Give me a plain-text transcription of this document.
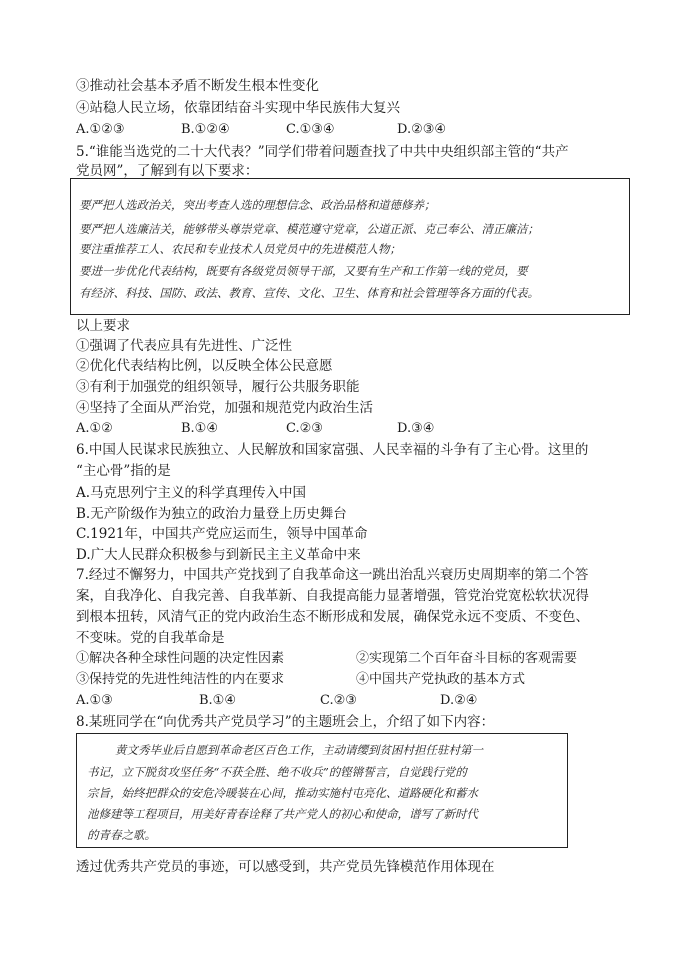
③推动社会基本矛盾不断发生根本性变化
④站稳人民立场，依靠团结奋斗实现中华民族伟大复兴
A.①②③	B.①②④	C.①③④	D.②③④
5.“谁能当选党的二十大代表？”同学们带着问题查找了中共中央组织部主管的“共产
党员网”，了解到有以下要求：
要严把人选政治关，突出考查人选的理想信念、政治品格和道德修养；
要严把人选廉洁关，能够带头尊崇党章、模范遵守党章，公道正派、克己奉公、清正廉洁；
要注重推荐工人、农民和专业技术人员党员中的先进模范人物；
要进一步优化代表结构，既要有各级党员领导干部，又要有生产和工作第一线的党员，要
有经济、科技、国防、政法、教育、宣传、文化、卫生、体育和社会管理等各方面的代表。
以上要求
①强调了代表应具有先进性、广泛性
②优化代表结构比例，以反映全体公民意愿
③有利于加强党的组织领导，履行公共服务职能
④坚持了全面从严治党，加强和规范党内政治生活
A.①②	B.①④	C.②③	D.③④
6.中国人民谋求民族独立、人民解放和国家富强、人民幸福的斗争有了主心骨。这里的
“主心骨”指的是
A.马克思列宁主义的科学真理传入中国
B.无产阶级作为独立的政治力量登上历史舞台
C.1921年，中国共产党应运而生，领导中国革命
D.广大人民群众积极参与到新民主主义革命中来
7.经过不懈努力，中国共产党找到了自我革命这一跳出治乱兴衰历史周期率的第二个答
案，自我净化、自我完善、自我革新、自我提高能力显著增强，管党治党宽松软状况得
到根本扭转，风清气正的党内政治生态不断形成和发展，确保党永远不变质、不变色、
不变味。党的自我革命是
①解决各种全球性问题的决定性因素	②实现第二个百年奋斗目标的客观需要
③保持党的先进性纯洁性的内在要求	④中国共产党执政的基本方式
A.①③	B.①④	C.②③	D.②④
8.某班同学在“向优秀共产党员学习”的主题班会上，介绍了如下内容：
黄文秀毕业后自愿到革命老区百色工作，主动请缨到贫困村担任驻村第一
书记，立下脱贫攻坚任务“不获全胜、绝不收兵”的铿锵誓言，自觉践行党的
宗旨，始终把群众的安危冷暖装在心间，推动实施村屯亮化、道路硬化和蓄水
池修建等工程项目，用美好青春诠释了共产党人的初心和使命，谱写了新时代
的青春之歌。
透过优秀共产党员的事迹，可以感受到，共产党员先锋模范作用体现在
